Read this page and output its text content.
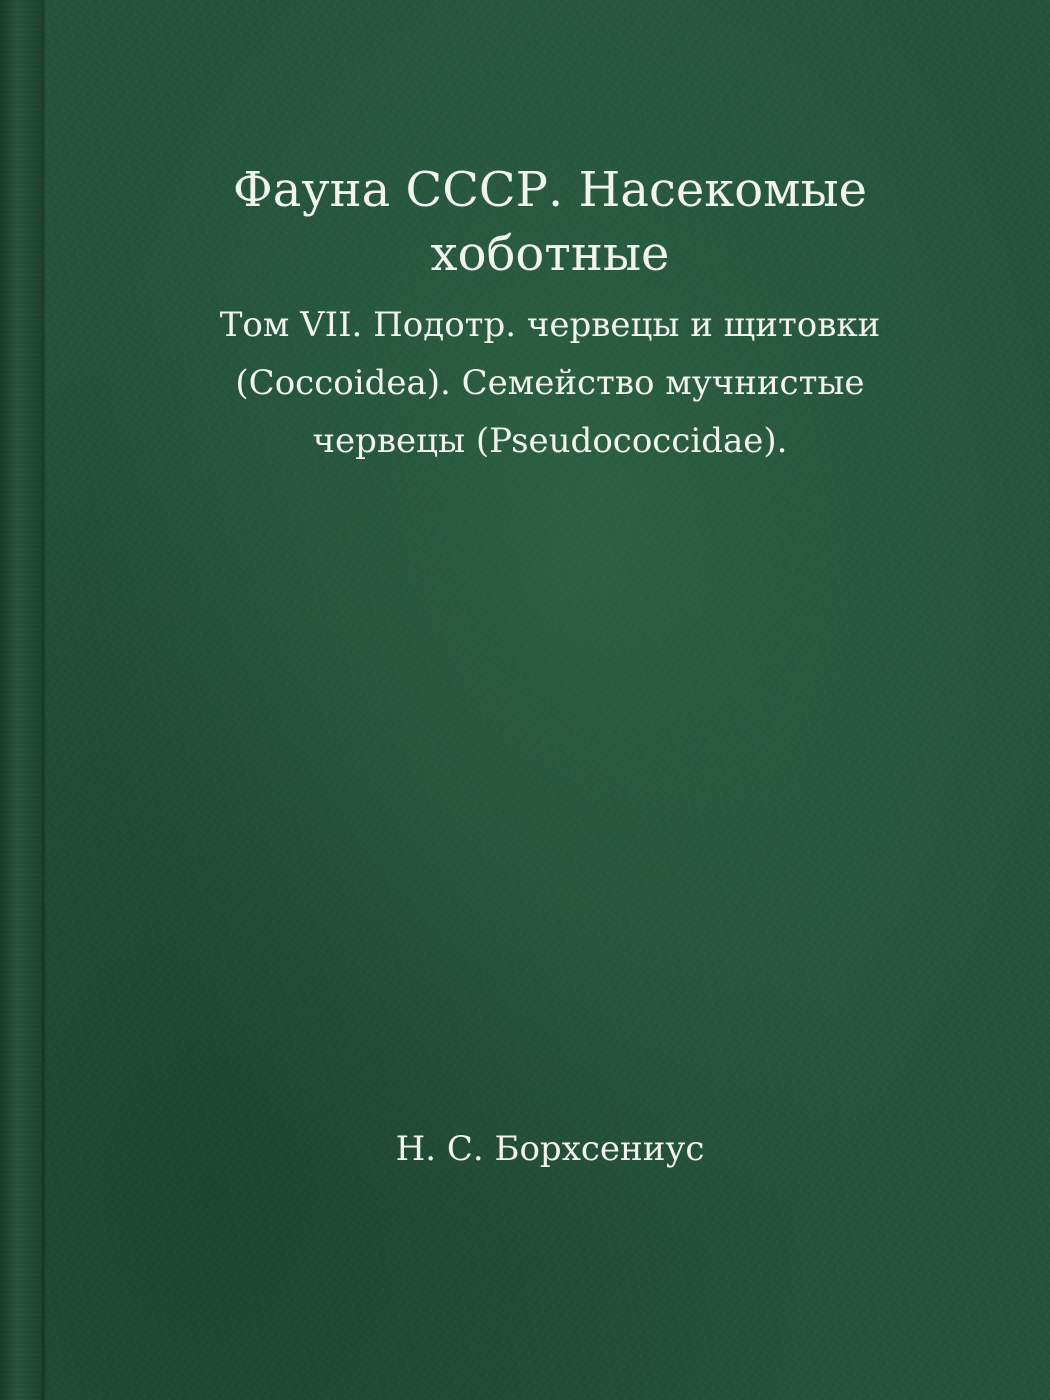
Фауна СССР. Насекомые
хоботные
Том VII. Подотр. червецы и щитовки
(Coccoidea). Семейство мучнистые
червецы (Pseudococcidae).

Н. С. Борхсениус
